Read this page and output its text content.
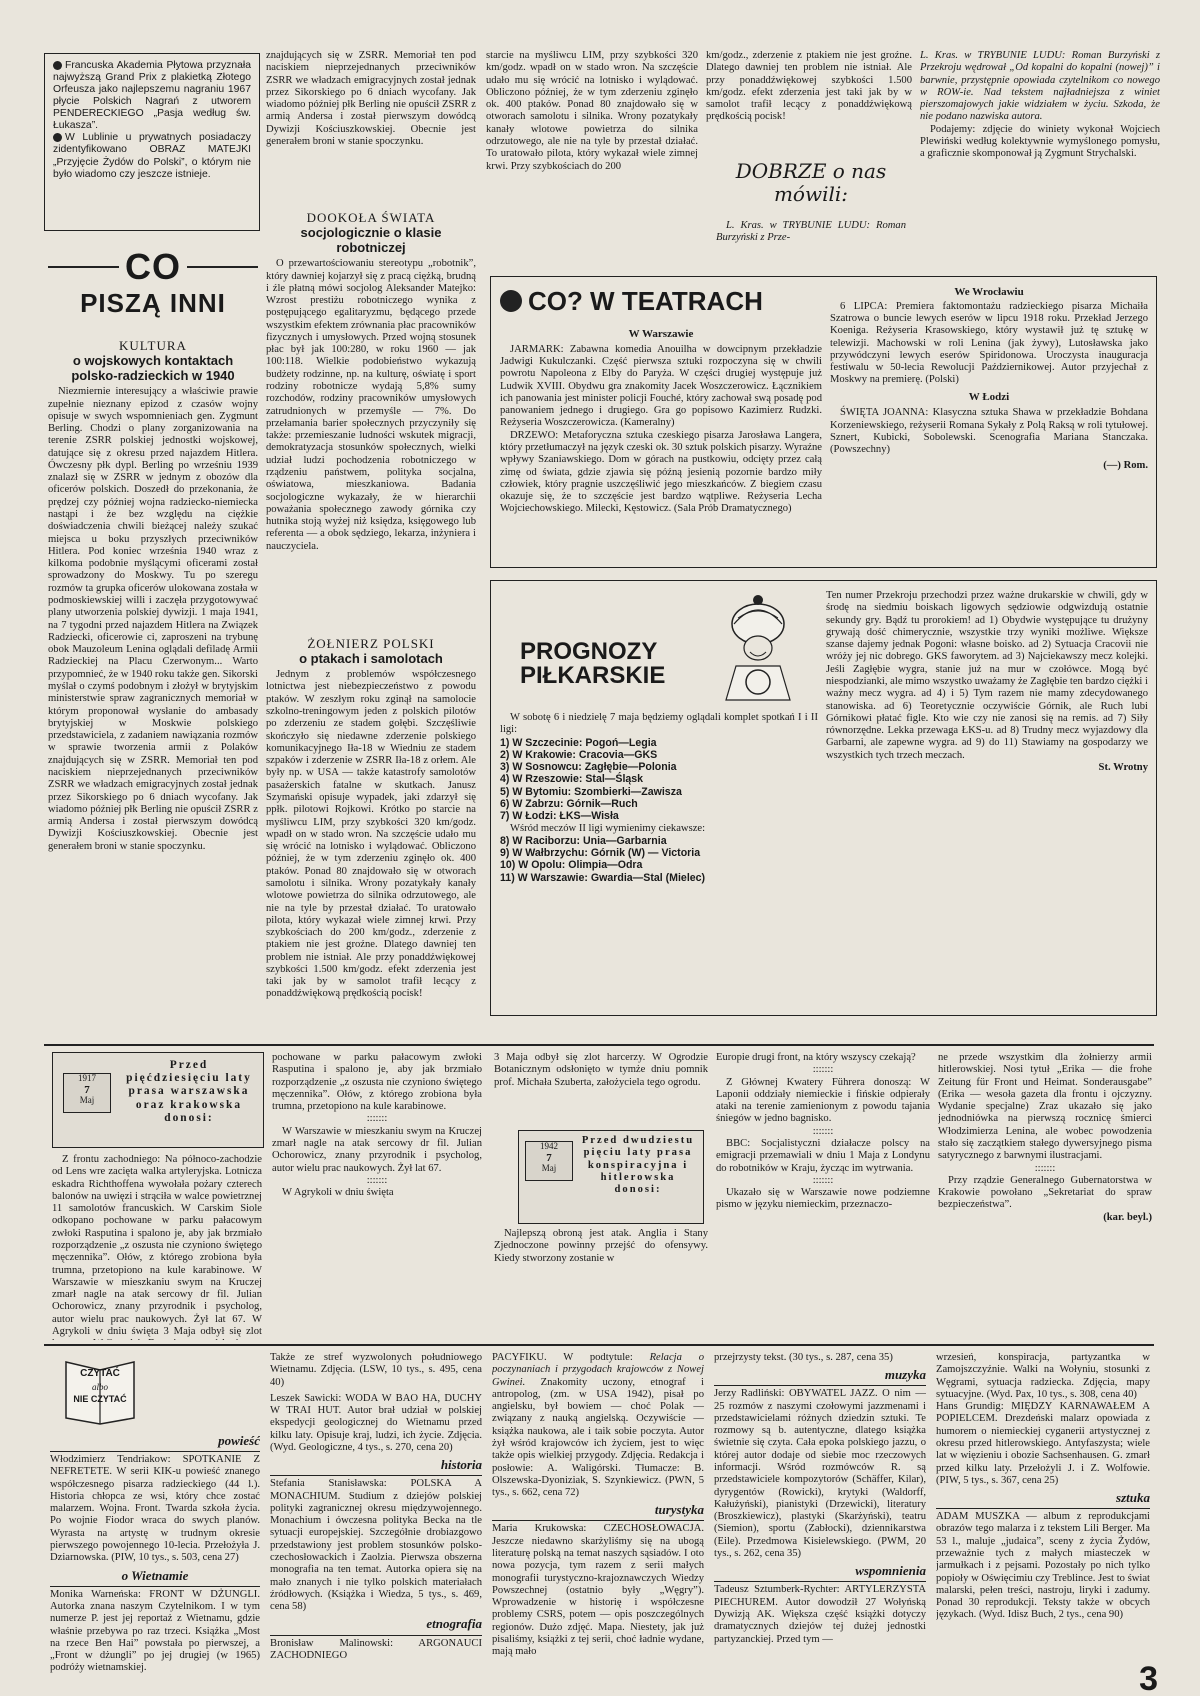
Francuska Akademia Płytowa przyznała najwyższą Grand Prix z plakietką Złotego Orfeusza jako najlepszemu nagraniu 1967 płycie Polskich Nagrań z utworem PENDERECKIEGO „Pasja według św. Łukasza”.

W Lublinie u prywatnych posiadaczy zidentyfikowano OBRAZ MATEJKI „Przyjęcie Żydów do Polski”, o którym nie było wiadomo czy jeszcze istnieje.

CO
PISZĄ INNI
KULTURA
o wojskowych kontaktach polsko-radzieckich w 1940

Niezmiernie interesujący a właściwie prawie zupełnie nieznany epizod z czasów wojny opisuje w swych wspomnieniach gen. Zygmunt Berling. Chodzi o plany zorganizowania na terenie ZSRR polskiej jednostki wojskowej, datujące się z okresu przed najazdem Hitlera. Ówczesny płk dypl. Berling po wrześniu 1939 znalazł się w ZSRR w jednym z obozów dla oficerów polskich. Doszedł do przekonania, że prędzej czy później wojna radziecko-niemiecka nastąpi i że bez względu na ciężkie doświadczenia chwili bieżącej należy szukać miejsca u boku przyszłych przeciwników Hitlera. Pod koniec września 1940 wraz z kilkoma podobnie myślącymi oficerami został sprowadzony do Moskwy. Tu po szeregu rozmów ta grupka oficerów ulokowana została w podmoskiewskiej willi i zaczęła przygotowywać plany utworzenia polskiej dywizji. 1 maja 1941, na 7 tygodni przed najazdem Hitlera na Związek Radziecki, oficerowie ci, zaproszeni na trybunę obok Mauzoleum Lenina oglądali defiladę Armii Radzieckiej na Placu Czerwonym... Warto przypomnieć, że w 1940 roku także gen. Sikorski myślał o czymś podobnym i złożył w brytyjskim ministerstwie spraw zagranicznych memoriał w którym proponował wysłanie do ambasady brytyjskiej w Moskwie polskiego przedstawiciela, z zadaniem nawiązania rozmów w sprawie tworzenia armii z Polaków znajdujących się w ZSRR. Memoriał ten pod naciskiem nieprzejednanych przeciwników ZSRR we władzach emigracyjnych został jednak przez Sikorskiego po 6 dniach wycofany. Jak wiadomo później płk Berling nie opuścił ZSRR z armią Andersa i został pierwszym dowódcą Dywizji Kościuszkowskiej. Obecnie jest generałem broni w stanie spoczynku.

DOOKOŁA ŚWIATA
socjologicznie o klasie robotniczej

O przewartościowaniu stereotypu „robotnik”, który dawniej kojarzył się z pracą ciężką, brudną i źle płatną mówi socjolog Aleksander Matejko: Wzrost prestiżu robotniczego wynika z postępującego egalitaryzmu, będącego przede wszystkim efektem zrównania płac pracowników fizycznych i umysłowych. Przed wojną stosunek płac był jak 100:280, w roku 1960 — jak 100:118. Wielkie podobieństwo wykazują budżety rodzinne, np. na kulturę, oświatę i sport rodziny robotnicze wydają 5,8% sumy rozchodów, rodziny pracowników umysłowych zatrudnionych w przemyśle — 7%. Do przełamania barier społecznych przyczyniły się także: przemieszanie ludności wskutek migracji, demokratyzacja stosunków społecznych, wielki udział ludzi pochodzenia robotniczego w rządzeniu państwem, polityka socjalna, oświatowa, mieszkaniowa. Badania socjologiczne wykazały, że w hierarchii poważania społecznego zawody górnika czy hutnika stoją wyżej niż księdza, księgowego lub referenta — a obok sędziego, lekarza, inżyniera i nauczyciela.

znajdujących się w ZSRR. Memoriał ten pod naciskiem nieprzejednanych przeciwników ZSRR we władzach emigracyjnych został jednak przez Sikorskiego po 6 dniach wycofany. Jak wiadomo później płk Berling nie opuścił ZSRR z armią Andersa i został pierwszym dowódcą Dywizji Kościuszkowskiej. Obecnie jest generałem broni w stanie spoczynku.

ŻOŁNIERZ POLSKI
o ptakach i samolotach

Jednym z problemów współczesnego lotnictwa jest niebezpieczeństwo z powodu ptaków. W zeszłym roku zginął na samolocie szkolno-treningowym jeden z polskich pilotów po zderzeniu ze stadem gołębi. Szczęśliwie skończyło się niedawne zderzenie polskiego komunikacyjnego Iła-18 w Wiedniu ze stadem szpaków i zderzenie w ZSRR Iła-18 z orłem. Ale były np. w USA — także katastrofy samolotów pasażerskich fatalne w skutkach. Janusz Szymański opisuje wypadek, jaki zdarzył się ppłk. pilotowi Rojkowi. Krótko po starcie na myśliwcu LIM, przy szybkości 320 km/godz. wpadł on w stado wron. Na szczęście udało mu się wrócić na lotnisko i wylądować. Obliczono później, że w tym zderzeniu zginęło ok. 400 ptaków. Ponad 80 znajdowało się w otworach samolotu i silnika. Wrony pozatykały kanały wlotowe powietrza do silnika odrzutowego, ale nie na tyle by przestał działać. To uratowało pilota, który wykazał wiele zimnej krwi. Przy szybkościach do 200 km/godz., zderzenie z ptakiem nie jest groźne. Dlatego dawniej ten problem nie istniał. Ale przy ponaddźwiękowej szybkości 1.500 km/godz. efekt zderzenia jest taki jak by w samolot trafił lecący z ponaddźwiękową prędkością pocisk!

starcie na myśliwcu LIM, przy szybkości 320 km/godz. wpadł on w stado wron. Na szczęście udało mu się wrócić na lotnisko i wylądować. Obliczono później, że w tym zderzeniu zginęło ok. 400 ptaków. Ponad 80 znajdowało się w otworach samolotu i silnika. Wrony pozatykały kanały wlotowe powietrza do silnika odrzutowego, ale nie na tyle by przestał działać. To uratowało pilota, który wykazał wiele zimnej krwi. Przy szybkościach do 200

km/godz., zderzenie z ptakiem nie jest groźne. Dlatego dawniej ten problem nie istniał. Ale przy ponaddźwiękowej szybkości 1.500 km/godz. efekt zderzenia jest taki jak by w samolot trafił lecący z ponaddźwiękową prędkością pocisk!

DOBRZE o nas
mówili:

L. Kras. w TRYBUNIE LUDU: Roman Burzyński z Prze-

L. Kras. w TRYBUNIE LUDU: Roman Burzyński z Przekroju wędrował „Od kopalni do kopalni (nowej)” i barwnie, przystępnie opowiada czytelnikom co nowego w ROW-ie. Nad tekstem najładniejsza z winiet pierszomajowych jakie widziałem w życiu. Szkoda, że nie podano nazwiska autora.

Podajemy: zdjęcie do winiety wykonał Wojciech Plewiński według kolektywnie wymyślonego pomysłu, a graficznie skomponował ją Zygmunt Strychalski.

CO? W TEATRACH
W Warszawie

JARMARK: Zabawna komedia Anouilha w dowcipnym przekładzie Jadwigi Kukulczanki. Część pierwsza sztuki rozpoczyna się w chwili powrotu Napoleona z Elby do Paryża. W części drugiej występuje już Ludwik XVIII. Obydwu gra znakomity Jacek Woszczerowicz. Łącznikiem ich panowania jest minister policji Fouché, który zachował swą posadę pod panowaniem jednego i drugiego. Gra go popisowo Kazimierz Rudzki. Reżyseria Woszczerowicza. (Kameralny)

DRZEWO: Metaforyczna sztuka czeskiego pisarza Jarosława Langera, który przetłumaczył na język czeski ok. 30 sztuk polskich pisarzy. Wyraźne wpływy Szaniawskiego. Dom w górach na pustkowiu, odcięty przez całą zimę od świata, gdzie zjawia się późną jesienią pozornie bardzo miły człowiek, który pragnie uszczęśliwić jego mieszkańców. Z biegiem czasu okazuje się, że to szczęście jest bardzo wątpliwe. Reżyseria Lecha Wojciechowskiego. Milecki, Kęstowicz. (Sala Prób Dramatycznego)

We Wrocławiu

6 LIPCA: Premiera faktomontażu radzieckiego pisarza Michaiła Szatrowa o buncie lewych eserów w lipcu 1918 roku. Przekład Jerzego Koeniga. Reżyseria Krasowskiego, który wystawił już tę sztukę w telewizji. Machowski w roli Lenina (jak żywy), Lutosławska jako przywódczyni lewych eserów Spiridonowa. Uroczysta inauguracja festiwalu w 50-lecia Rewolucji Październikowej. Autor przyjechał z Moskwy na premierę. (Polski)

W Łodzi

ŚWIĘTA JOANNA: Klasyczna sztuka Shawa w przekładzie Bohdana Korzeniewskiego, reżyserii Romana Sykały z Polą Raksą w roli tytułowej. Sznert, Kubicki, Sobolewski. Scenografia Mariana Stanczaka. (Powszechny)

(—) Rom.
PROGNOZY
PIŁKARSKIE

W sobotę 6 i niedzielę 7 maja będziemy oglądali komplet spotkań I i II ligi:

1) W Szczecinie: Pogoń—Legia
2) W Krakowie: Cracovia—GKS
3) W Sosnowcu: Zagłębie—Polonia
4) W Rzeszowie: Stal—Śląsk
5) W Bytomiu: Szombierki—Zawisza
6) W Zabrzu: Górnik—Ruch
7) W Łodzi: ŁKS—Wisła

Wśród meczów II ligi wymienimy ciekawsze:

8) W Raciborzu: Unia—Garbarnia
9) W Wałbrzychu: Górnik (W) — Victoria
10) W Opolu: Olimpia—Odra
11) W Warszawie: Gwardia—Stal (Mielec)

Ten numer Przekroju przechodzi przez ważne drukarskie w chwili, gdy w środę na siedmiu boiskach ligowych sędziowie odgwizdują ostatnie sekundy gry. Bądź tu prorokiem! ad 1) Obydwie występujące tu drużyny grywają dość chimerycznie, wszystkie trzy wyniki możliwe. Większe szanse dajemy jednak Pogoni: własne boisko. ad 2) Sytuacja Cracovii nie wróży jej nic dobrego. GKS faworytem. ad 3) Najciekawszy mecz kolejki. Jeśli Zagłębie wygra, stanie już na mur w czołówce. Mogą być niespodzianki, ale mimo wszystko uważamy że Zagłębie ten bardzo ciężki i ważny mecz wygra. ad 4) i 5) Tym razem nie mamy zdecydowanego stanowiska. ad 6) Teoretycznie oczywiście Górnik, ale Ruch lubi Górnikowi płatać figle. Kto wie czy nie zanosi się na remis. ad 7) Siły równorzędne. Lekka przewaga ŁKS-u. ad 8) Trudny mecz wyjazdowy dla Garbarni, ale zapewne wygra. ad 9) do 11) Stawiamy na gospodarzy we wszystkich tych trzech meczach.

St. Wrotny
1917
7
Maj
Przed pięćdziesięciu laty prasa warszawska oraz krakowska donosi:

Z frontu zachodniego: Na północo-zachodzie od Lens wre zacięta walka artyleryjska. Lotnicza eskadra Richthoffena wywołała pożary czterech balonów na uwięzi i strąciła w walce powietrznej 11 samolotów francuskich. W Carskim Siole odkopano pochowane w parku pałacowym zwłoki Rasputina i spalono je, aby jak brzmiało rozporządzenie „z oszusta nie czyniono świętego męczennika”. Ołów, z którego zrobiona była trumna, przetopiono na kule karabinowe. W Warszawie w mieszkaniu swym na Kruczej zmarł nagle na atak sercowy dr fil. Julian Ochorowicz, znany przyrodnik i psycholog, autor wielu prac naukowych. Żył lat 67. W Agrykoli w dniu święta 3 Maja odbył się zlot

pochowane w parku pałacowym zwłoki Rasputina i spalono je, aby jak brzmiało rozporządzenie „z oszusta nie czyniono świętego męczennika”. Ołów, z którego zrobiona była trumna, przetopiono na kule karabinowe.

:::::::

W Warszawie w mieszkaniu swym na Kruczej zmarł nagle na atak sercowy dr fil. Julian Ochorowicz, znany przyrodnik i psycholog, autor wielu prac naukowych. Żył lat 67.

:::::::

W Agrykoli w dniu święta

3 Maja odbył się zlot harcerzy. W Ogrodzie Botanicznym odsłonięto w tymże dniu pomnik prof. Michała Szuberta, założyciela tego ogrodu.

1942
7
Maj
Przed dwudziestu pięciu laty prasa konspiracyjna i hitlerowska donosi:

Najlepszą obroną jest atak. Anglia i Stany Zjednoczone powinny przejść do ofensywy. Kiedy stworzony zostanie w

Europie drugi front, na który wszyscy czekają?

:::::::

Z Głównej Kwatery Führera donoszą: W Laponii oddziały niemieckie i fińskie odpierały ataki na terenie zamienionym z powodu tajania śniegów w jedno bagnisko.

:::::::

BBC: Socjalistyczni działacze polscy na emigracji przemawiali w dniu 1 Maja z Londynu do robotników w Kraju, życząc im wytrwania.

:::::::

Ukazało się w Warszawie nowe podziemne pismo w języku niemieckim, przeznaczo-

ne przede wszystkim dla żołnierzy armii hitlerowskiej. Nosi tytuł „Erika — die frohe Zeitung für Front und Heimat. Sonderausgabe” (Erika — wesoła gazeta dla frontu i ojczyzny. Wydanie specjalne) Zraz ukazało się jako jednodniówka na pierwszą rocznicę śmierci Włodzimierza Lenina, ale wobec powodzenia stało się zaczątkiem stałego dywersyjnego pisma satyrycznego z barwnymi ilustracjami.

:::::::

Przy rządzie Generalnego Gubernatorstwa w Krakowie powołano „Sekretariat do spraw bezpieczeństwa”.

(kar. beyl.)
CZYTAĆ
albo
NIE CZYTAĆ
powieść

Włodzimierz Tendriakow: SPOTKANIE Z NEFRETETE. W serii KIK-u powieść znanego współczesnego pisarza radzieckiego (44 l.). Historia chłopca ze wsi, który chce zostać malarzem. Wojna. Front. Twarda szkoła życia. Po wojnie Fiodor wraca do swych planów. Wyrasta na artystę w trudnym okresie pierwszego powojennego 10-lecia. Przełożyła J. Dziarnowska. (PIW, 10 tys., s. 503, cena 27)

o Wietnamie

Monika Warneńska: FRONT W DŻUNGLI. Autorka znana naszym Czytelnikom. I w tym numerze P. jest jej reportaż z Wietnamu, gdzie właśnie przebywa po raz trzeci. Książka „Most na rzece Ben Hai” powstała po pierwszej, a „Front w dżungli” po jej drugiej (w 1965) podróży wietnamskiej.

Także ze stref wyzwolonych południowego Wietnamu. Zdjęcia. (LSW, 10 tys., s. 495, cena 40)

Leszek Sawicki: WODA W BAO HA, DUCHY W TRAI HUT. Autor brał udział w polskiej ekspedycji geologicznej do Wietnamu przed kilku laty. Opisuje kraj, ludzi, ich życie. Zdjęcia. (Wyd. Geologiczne, 4 tys., s. 270, cena 20)

historia

Stefania Stanisławska: POLSKA A MONACHIUM. Studium z dziejów polskiej polityki zagranicznej okresu międzywojennego. Monachium i ówczesna polityka Becka na tle sytuacji europejskiej. Szczegółnie drobiazgowo przedstawiony jest problem stosunków polsko-czechosłowackich i Zaolzia. Pierwsza obszerna monografia na ten temat. Autorka opiera się na mało znanych i nie tylko polskich materiałach źródłowych. (Książka i Wiedza, 5 tys., s. 469, cena 58)

etnografia

Bronisław Malinowski: ARGONAUCI ZACHODNIEGO

PACYFIKU. W podtytule: Relacja o poczynaniach i przygodach krajowców z Nowej Gwinei. Znakomity uczony, etnograf i antropolog, (zm. w USA 1942), pisał po angielsku, był bowiem — choć Polak — związany z nauką angielską. Oczywiście — książka naukowa, ale i taik sobie poczyta. Autor żył wśród krajowców ich życiem, jest to więc także opis wielkiej przygody. Zdjęcia. Redakcja i posłowie: A. Waligórski. Tłumacze: B. Olszewska-Dyoniziak, S. Szynkiewicz. (PWN, 5 tys., s. 662, cena 72)

turystyka

Maria Krukowska: CZECHOSŁOWACJA. Jeszcze niedawno skarżyliśmy się na ubogą literaturę polską na temat naszych sąsiadów. I oto nowa pozycja, tym razem z serii małych monografii turystyczno-krajoznawczych Wiedzy Powszechnej (ostatnio były „Węgry”). Wprowadzenie w historię i współczesne problemy CSRS, potem — opis poszczególnych regionów. Dużo zdjęć. Mapa. Niestety, jak już pisaliśmy, książki z tej serii, choć ładnie wydane, mają mało

przejrzysty tekst. (30 tys., s. 287, cena 35)

muzyka

Jerzy Radliński: OBYWATEL JAZZ. O nim — 25 rozmów z naszymi czołowymi jazzmenami i przedstawicielami różnych dziedzin sztuki. Te rozmowy są b. autentyczne, dlatego książka świetnie się czyta. Cała epoka polskiego jazzu, o której autor dodaje od siebie moc rzeczowych informacji. Wśród rozmówców R. są przedstawiciele kompozytorów (Schäffer, Kilar), dyrygentów (Rowicki), krytyki (Waldorff, Kałużyński), pianistyki (Drzewicki), literatury (Broszkiewicz), plastyki (Skarżyński), teatru (Siemion), sportu (Zabłocki), dziennikarstwa (Eile). Przedmowa Kisielewskiego. (PWM, 20 tys., s. 262, cena 35)

wspomnienia

Tadeusz Sztumberk-Rychter: ARTYLERZYSTA PIECHUREM. Autor dowodził 27 Wołyńską Dywizją AK. Większa część książki dotyczy dramatycznych dziejów tej dużej jednostki partyzanckiej. Przed tym —

wrzesień, konspiracja, partyzantka w Zamojszczyźnie. Walki na Wołyniu, stosunki z Węgrami, sytuacja radziecka. Zdjęcia, mapy sytuacyjne. (Wyd. Pax, 10 tys., s. 308, cena 40)

Hans Grundig: MIĘDZY KARNAWAŁEM A POPIELCEM. Drezdeński malarz opowiada z humorem o niemieckiej cyganerii artystycznej z okresu przed hitlerowskiego. Antyfaszysta; wiele lat w więzieniu i obozie Sachsenhausen. G. zmarł przed kilku laty. Przełożyli J. i Z. Wolfowie. (PIW, 5 tys., s. 367, cena 25)

sztuka

ADAM MUSZKA — album z reprodukcjami obrazów tego malarza i z tekstem Lili Berger. Ma 53 l., maluje „judaica”, sceny z życia Żydów, przeważnie tych z małych miasteczek w jarmułkach i z pejsami. Pozostały po nich tylko popioły w Oświęcimiu czy Treblince. Jest to świat malarski, pełen treści, nastroju, liryki i zadumy. Ponad 30 reprodukcji. Teksty także w obcych językach. (Wyd. Idisz Buch, 2 tys., cena 90)

3
